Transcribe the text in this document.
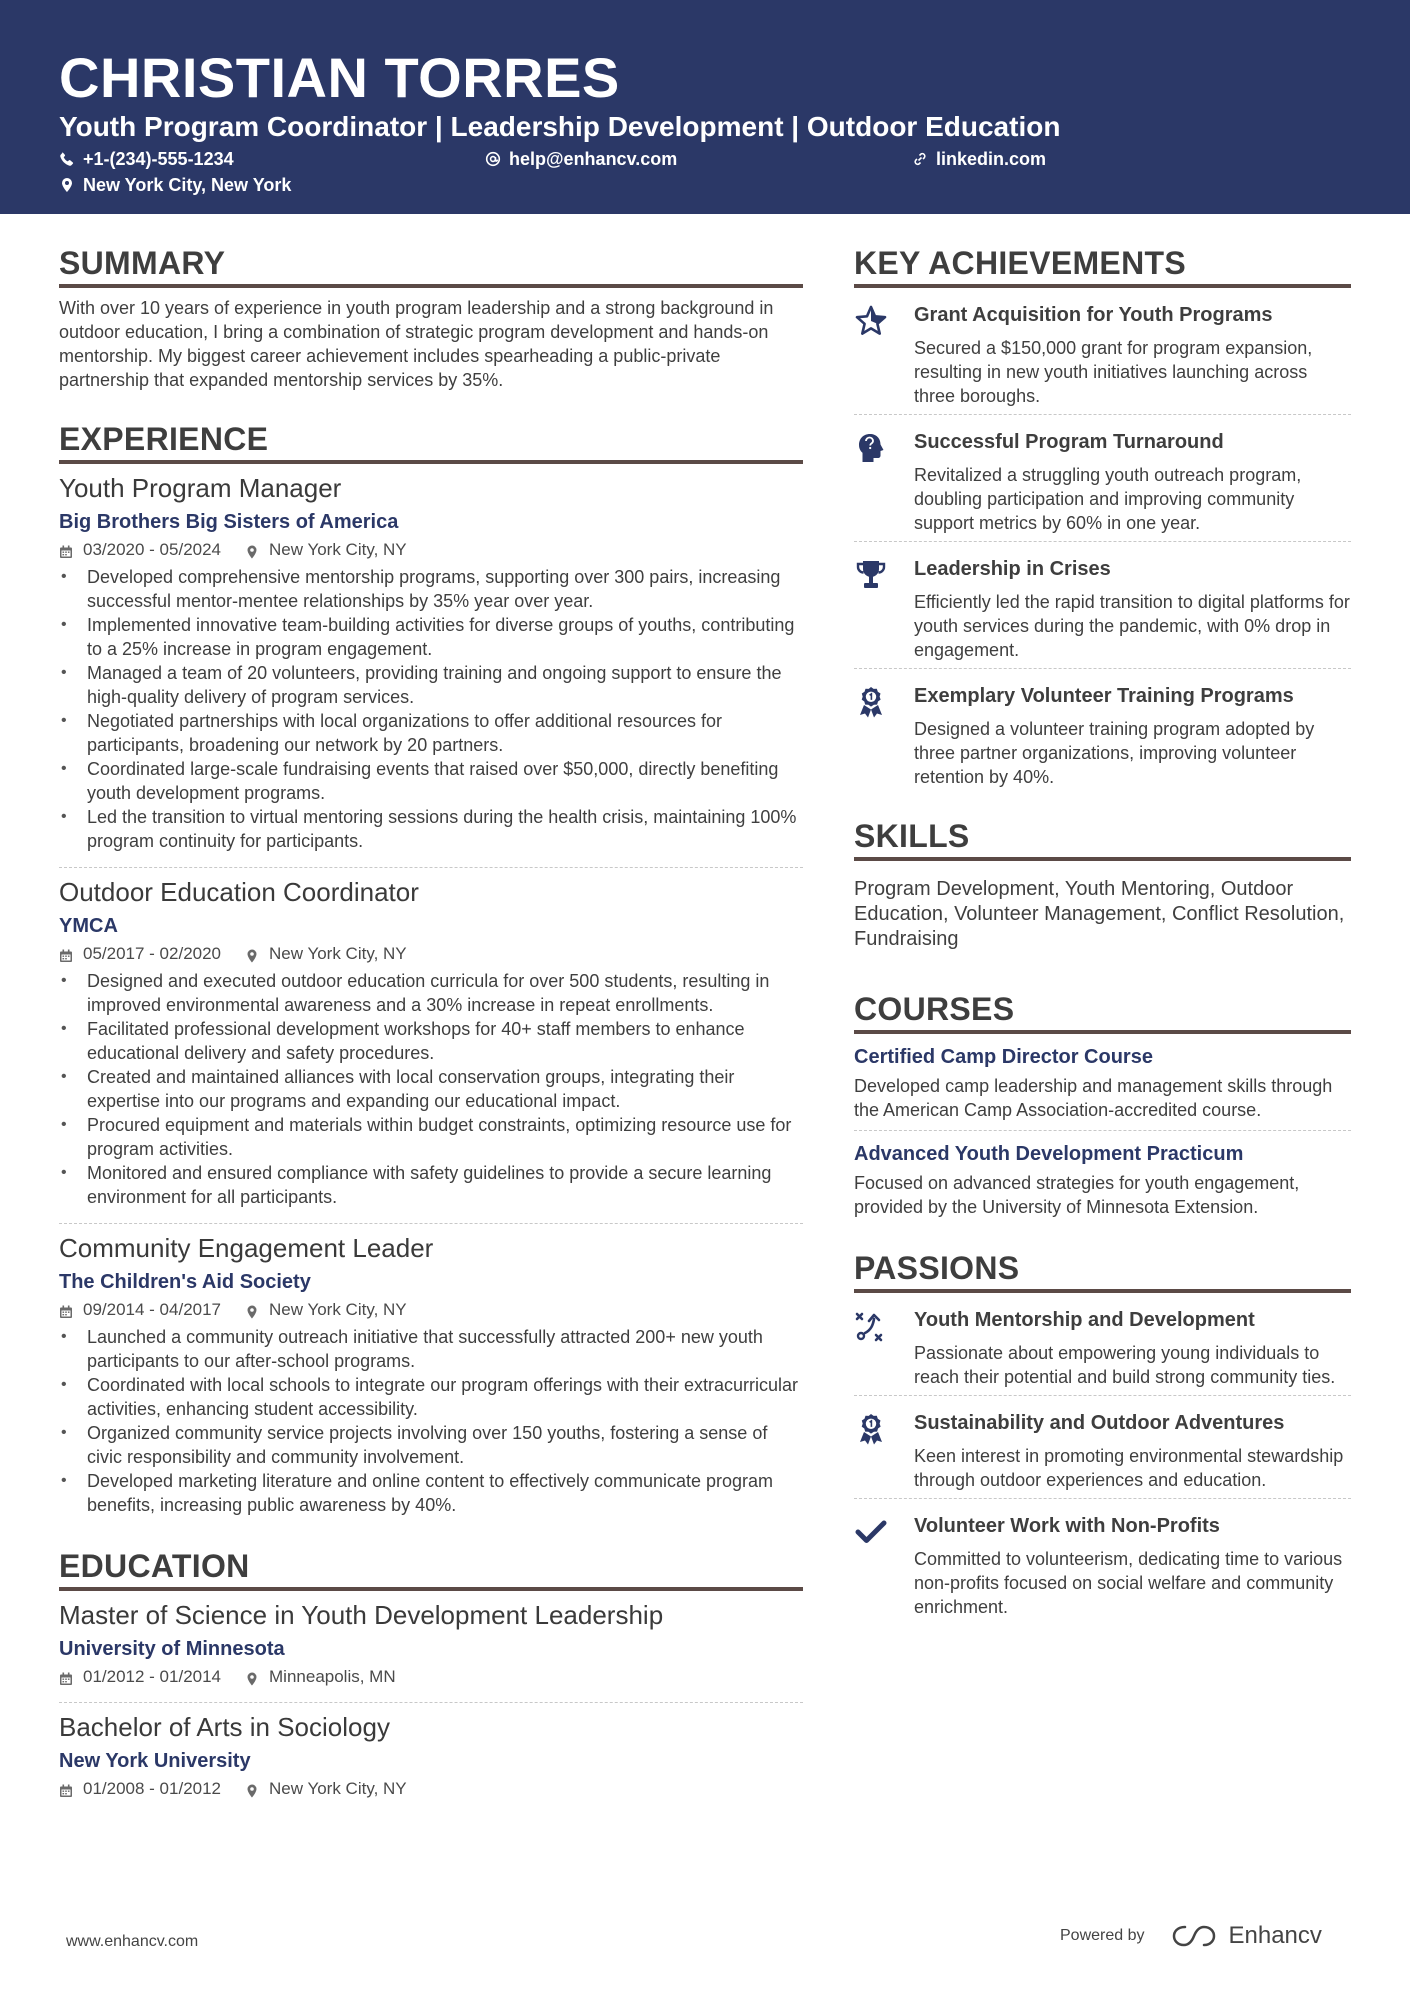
CHRISTIAN TORRES
Youth Program Coordinator | Leadership Development | Outdoor Education
+1-(234)-555-1234	help@enhancv.com	linkedin.com
New York City, New York
SUMMARY
With over 10 years of experience in youth program leadership and a strong background in outdoor education, I bring a combination of strategic program development and hands-on mentorship. My biggest career achievement includes spearheading a public-private partnership that expanded mentorship services by 35%.
EXPERIENCE
Youth Program Manager
Big Brothers Big Sisters of America
03/2020 - 05/2024	New York City, NY
• Developed comprehensive mentorship programs, supporting over 300 pairs, increasing successful mentor-mentee relationships by 35% year over year.
• Implemented innovative team-building activities for diverse groups of youths, contributing to a 25% increase in program engagement.
• Managed a team of 20 volunteers, providing training and ongoing support to ensure the high-quality delivery of program services.
• Negotiated partnerships with local organizations to offer additional resources for participants, broadening our network by 20 partners.
• Coordinated large-scale fundraising events that raised over $50,000, directly benefiting youth development programs.
• Led the transition to virtual mentoring sessions during the health crisis, maintaining 100% program continuity for participants.
Outdoor Education Coordinator
YMCA
05/2017 - 02/2020	New York City, NY
• Designed and executed outdoor education curricula for over 500 students, resulting in improved environmental awareness and a 30% increase in repeat enrollments.
• Facilitated professional development workshops for 40+ staff members to enhance educational delivery and safety procedures.
• Created and maintained alliances with local conservation groups, integrating their expertise into our programs and expanding our educational impact.
• Procured equipment and materials within budget constraints, optimizing resource use for program activities.
• Monitored and ensured compliance with safety guidelines to provide a secure learning environment for all participants.
Community Engagement Leader
The Children's Aid Society
09/2014 - 04/2017	New York City, NY
• Launched a community outreach initiative that successfully attracted 200+ new youth participants to our after-school programs.
• Coordinated with local schools to integrate our program offerings with their extracurricular activities, enhancing student accessibility.
• Organized community service projects involving over 150 youths, fostering a sense of civic responsibility and community involvement.
• Developed marketing literature and online content to effectively communicate program benefits, increasing public awareness by 40%.
EDUCATION
Master of Science in Youth Development Leadership
University of Minnesota
01/2012 - 01/2014	Minneapolis, MN
Bachelor of Arts in Sociology
New York University
01/2008 - 01/2012	New York City, NY
KEY ACHIEVEMENTS
Grant Acquisition for Youth Programs
Secured a $150,000 grant for program expansion, resulting in new youth initiatives launching across three boroughs.
Successful Program Turnaround
Revitalized a struggling youth outreach program, doubling participation and improving community support metrics by 60% in one year.
Leadership in Crises
Efficiently led the rapid transition to digital platforms for youth services during the pandemic, with 0% drop in engagement.
Exemplary Volunteer Training Programs
Designed a volunteer training program adopted by three partner organizations, improving volunteer retention by 40%.
SKILLS
Program Development, Youth Mentoring, Outdoor Education, Volunteer Management, Conflict Resolution, Fundraising
COURSES
Certified Camp Director Course
Developed camp leadership and management skills through the American Camp Association-accredited course.
Advanced Youth Development Practicum
Focused on advanced strategies for youth engagement, provided by the University of Minnesota Extension.
PASSIONS
Youth Mentorship and Development
Passionate about empowering young individuals to reach their potential and build strong community ties.
Sustainability and Outdoor Adventures
Keen interest in promoting environmental stewardship through outdoor experiences and education.
Volunteer Work with Non-Profits
Committed to volunteerism, dedicating time to various non-profits focused on social welfare and community enrichment.
www.enhancv.com	Powered by	Enhancv
